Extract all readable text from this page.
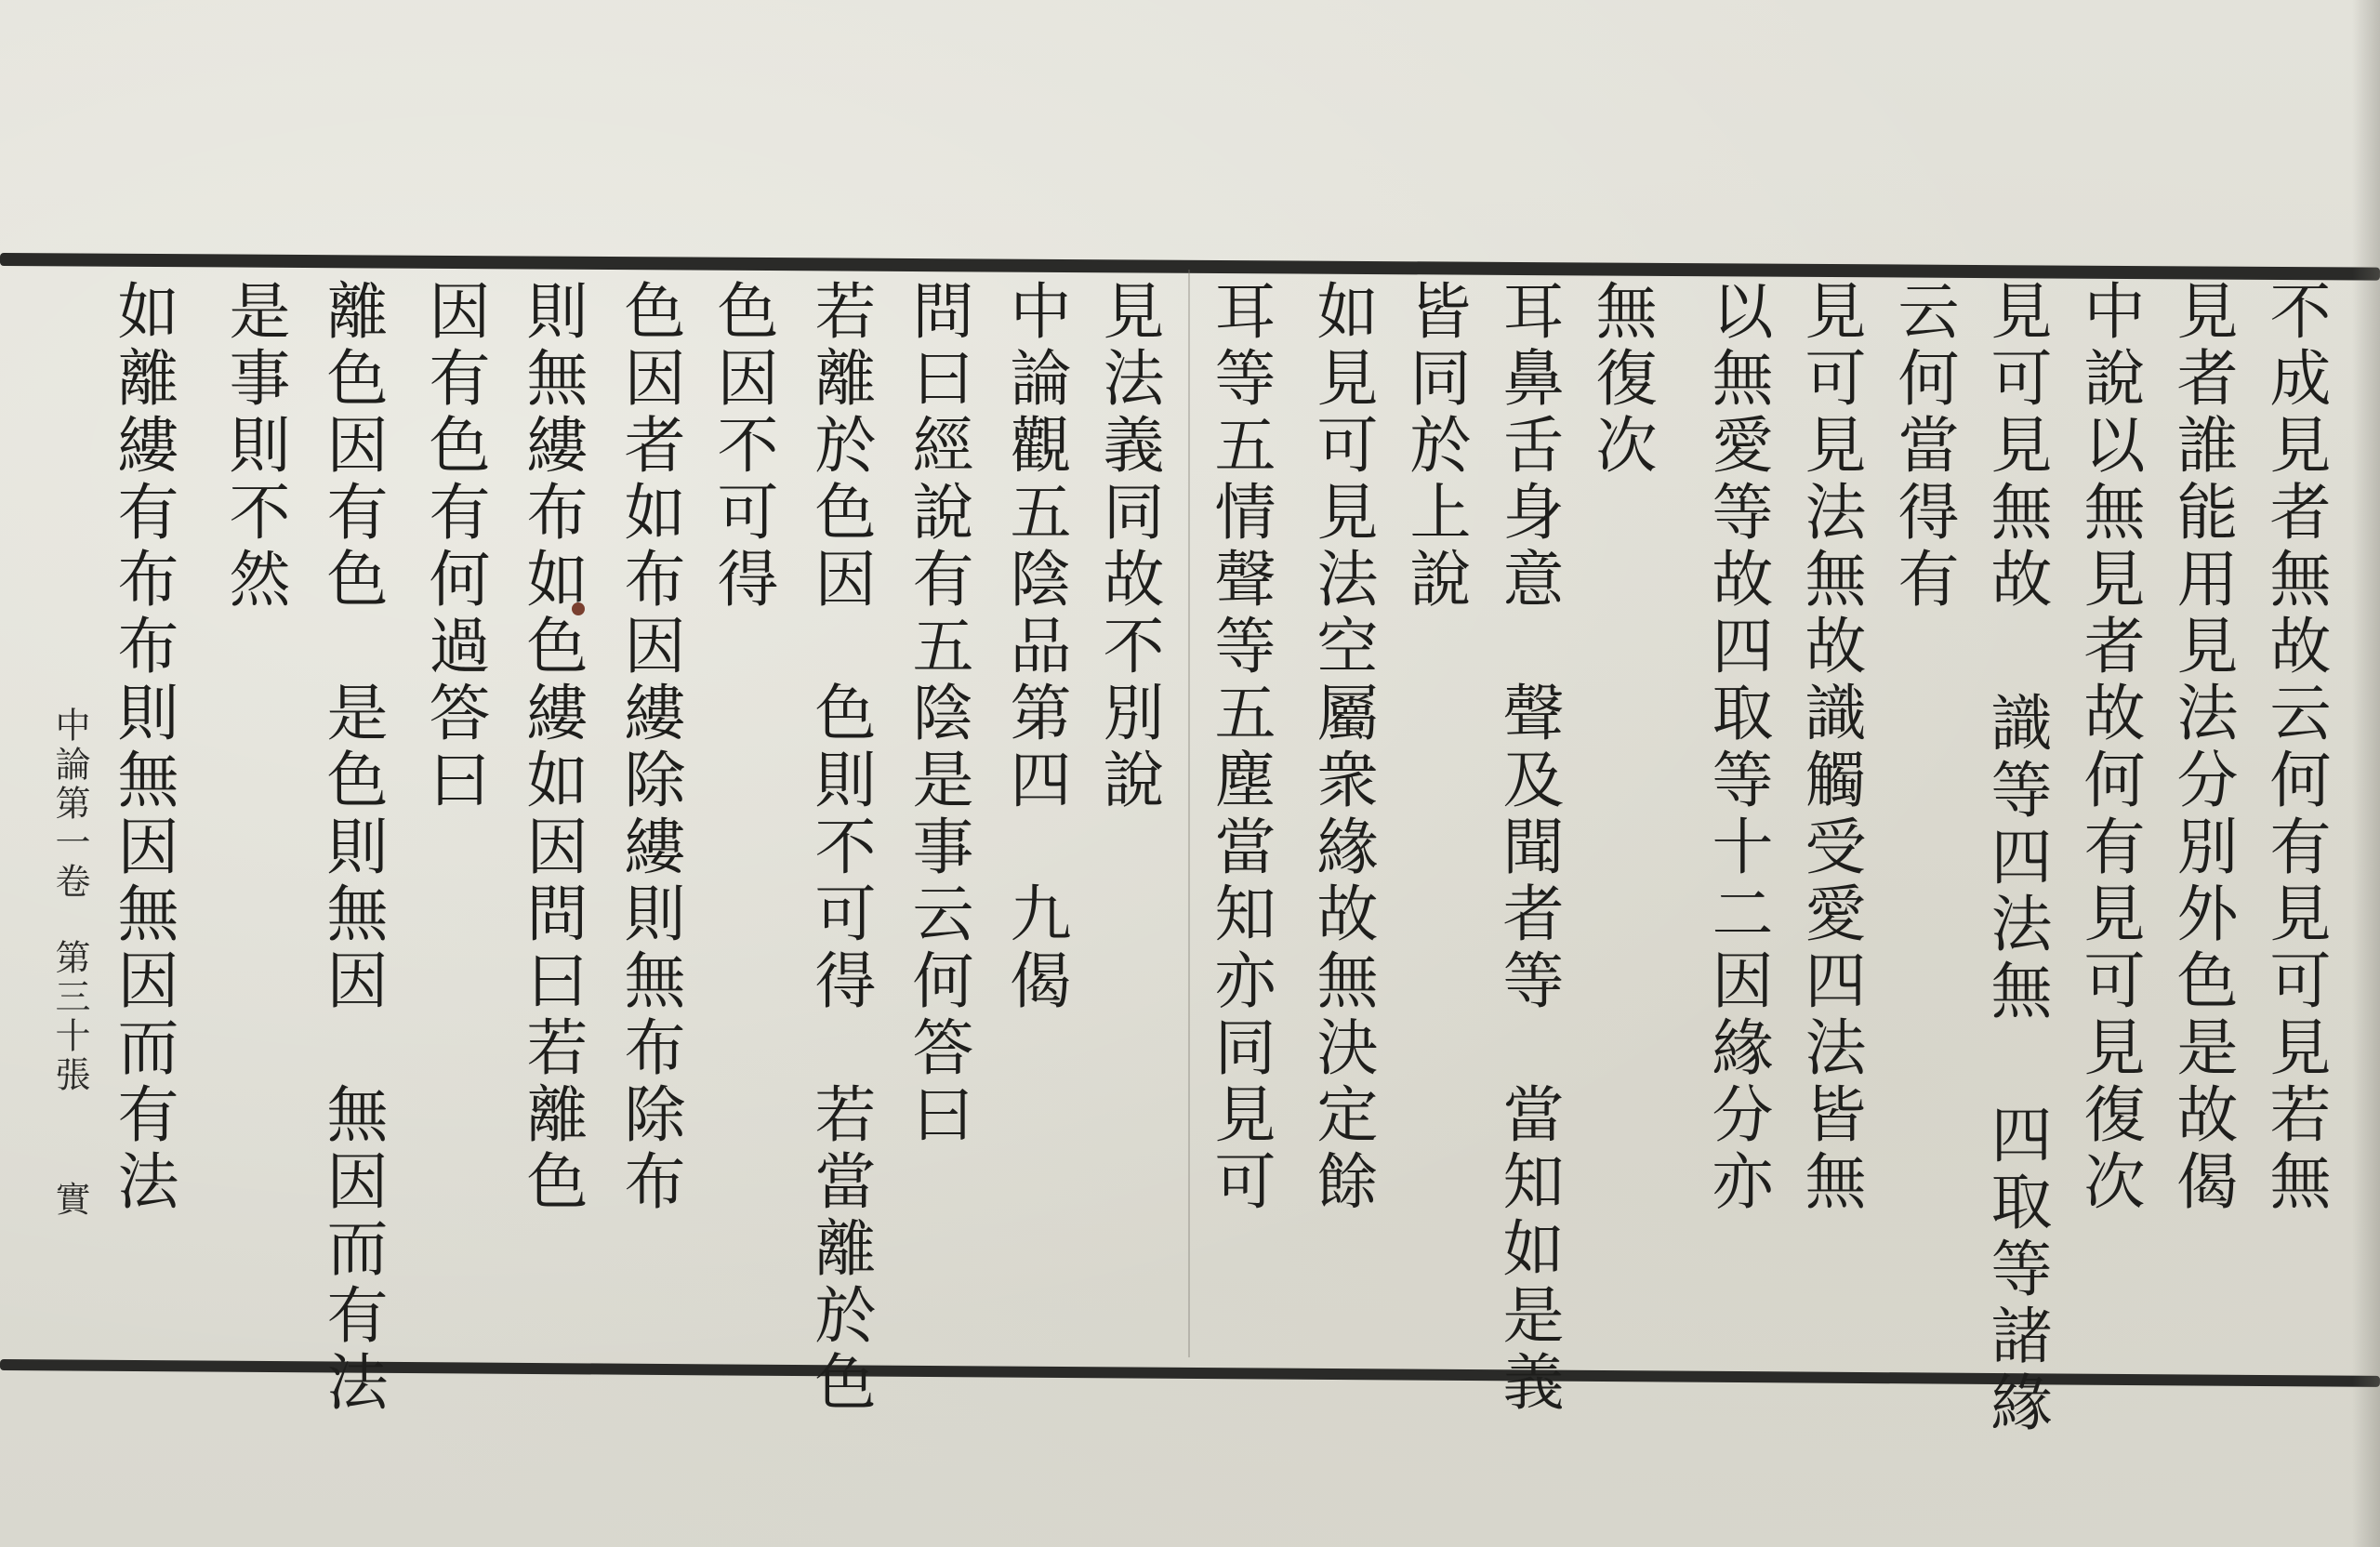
不成見者無故云何有見可見若無
見者誰能用見法分別外色是故偈
中說以無見者故何有見可見復次
見可見無故 識等四法無 四取等諸緣
云何當得有
見可見法無故識觸受愛四法皆無
以無愛等故四取等十二因緣分亦
無復次
耳鼻舌身意　聲及聞者等　當知如是義
皆同於上說
如見可見法空屬衆緣故無決定餘
耳等五情聲等五塵當知亦同見可
見法義同故不別說
中論觀五陰品第四　九偈
問曰經說有五陰是事云何答曰
若離於色因　色則不可得　若當離於色
色因不可得
色因者如布因縷除縷則無布除布
則無縷布如色縷如因問曰若離色
因有色有何過答曰
離色因有色　是色則無因　無因而有法
是事則不然
如離縷有布布則無因無因而有法
中論第一卷
第三十張
實
